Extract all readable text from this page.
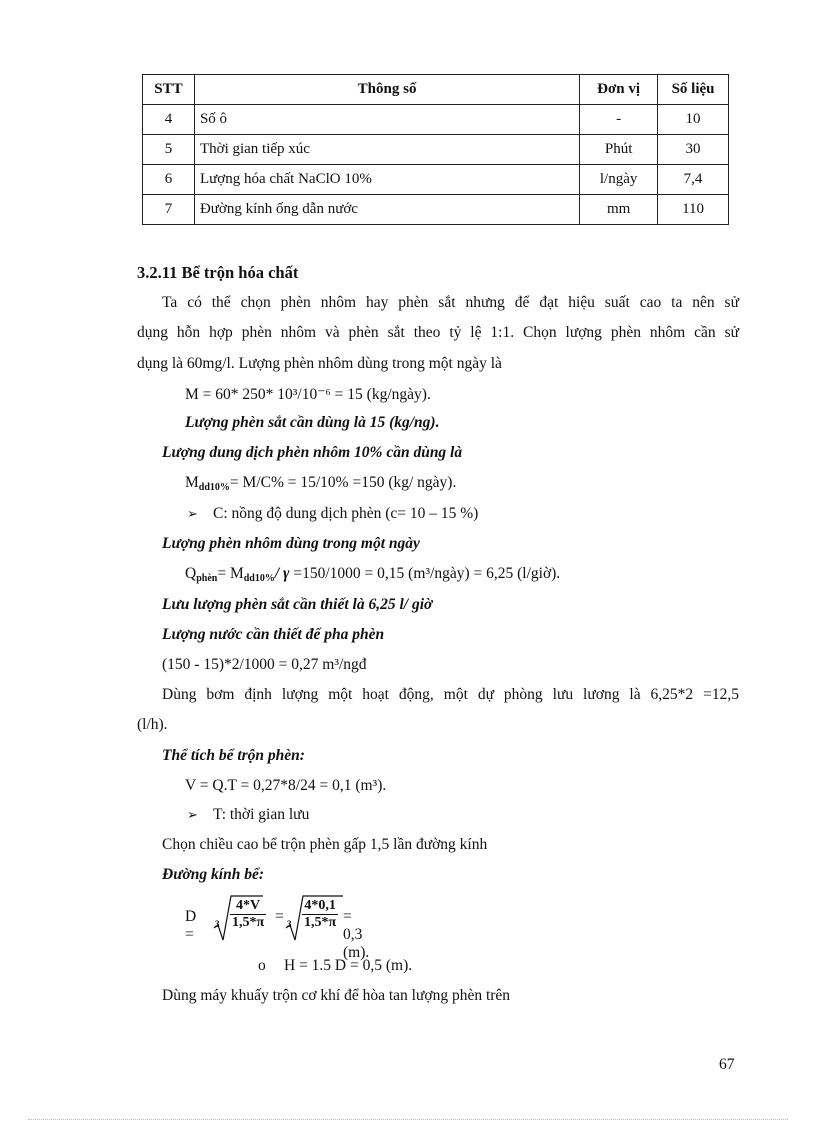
STT	Thông số	Đơn vị	Số liệu
4	Số ô	-	10
5	Thời gian tiếp xúc	Phút	30
6	Lượng hóa chất NaClO 10%	l/ngày	7,4
7	Đường kính ống dẫn nước	mm	110
3.2.11 Bể trộn hóa chất
Ta có thể chọn phèn nhôm hay phèn sắt nhưng để đạt hiệu suất cao ta nên sử
dụng hỗn hợp phèn nhôm và phèn sắt theo tỷ lệ 1:1. Chọn lượng phèn nhôm cần sử
dụng là 60mg/l. Lượng phèn nhôm dùng trong một ngày là
M = 60* 250* 10³/10⁻⁶ = 15 (kg/ngày).
Lượng phèn sắt cần dùng là 15 (kg/ng).
Lượng dung dịch phèn nhôm 10% cần dùng là
Mdd10%= M/C% = 15/10% =150 (kg/ ngày).
➢ C: nồng độ dung dịch phèn (c= 10 – 15 %)
Lượng phèn nhôm dùng trong một ngày
Qphèn= Mdd10%/ γ =150/1000 = 0,15 (m³/ngày) = 6,25 (l/giờ).
Lưu lượng phèn sắt cần thiết là 6,25 l/ giờ
Lượng nước cần thiết để pha phèn
(150 - 15)*2/1000 = 0,27 m³/ngđ
Dùng bơm định lượng một hoạt động, một dự phòng lưu lương là 6,25*2 =12,5
(l/h).
Thể tích bể trộn phèn:
V = Q.T = 0,27*8/24 = 0,1 (m³).
➢ T: thời gian lưu
Chọn chiều cao bể trộn phèn gấp 1,5 lần đường kính
Đường kính bể:
D =
$3 \frac{4*V}{1,5*\pi} = 3 \frac{4*0,1}{1,5*\pi} = 0,3$ (m).
o H = 1.5 D = 0,5 (m).
Dùng máy khuấy trộn cơ khí để hòa tan lượng phèn trên
67
